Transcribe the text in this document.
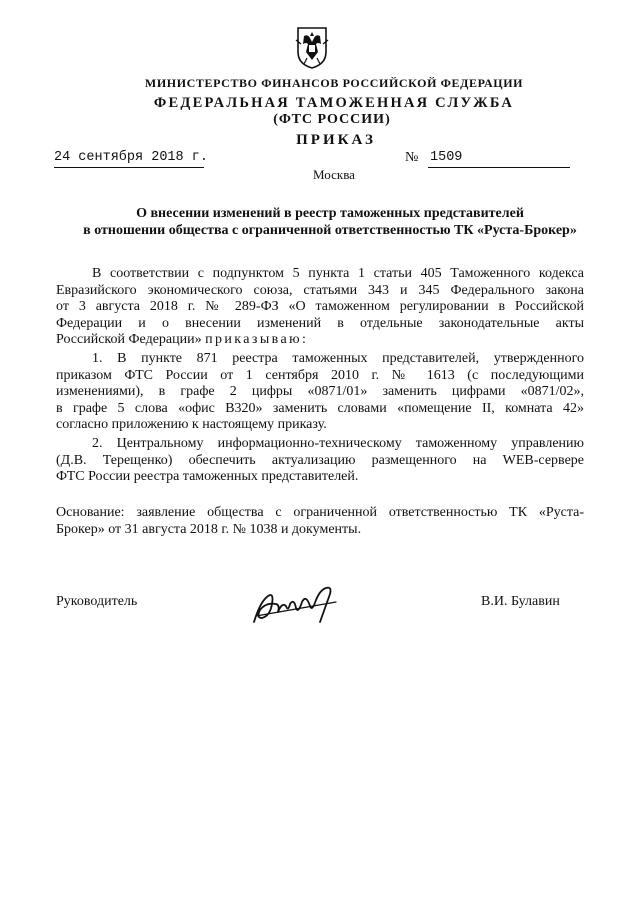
МИНИСТЕРСТВО ФИНАНСОВ РОССИЙСКОЙ ФЕДЕРАЦИИ
ФЕДЕРАЛЬНАЯ ТАМОЖЕННАЯ СЛУЖБА
(ФТС РОССИИ)
ПРИКАЗ
24 сентября 2018 г.	№ 1509
Москва
О внесении изменений в реестр таможенных представителей
в отношении общества с ограниченной ответственностью ТК «Руста-Брокер»
В соответствии с подпунктом 5 пункта 1 статьи 405 Таможенного кодекса
Евразийского экономического союза, статьями 343 и 345 Федерального закона
от 3 августа 2018 г. № 289-ФЗ «О таможенном регулировании в Российской
Федерации и о внесении изменений в отдельные законодательные акты
Российской Федерации» приказываю:
1. В пункте 871 реестра таможенных представителей, утвержденного
приказом ФТС России от 1 сентября 2010 г. № 1613 (с последующими
изменениями), в графе 2 цифры «0871/01» заменить цифрами «0871/02»,
в графе 5 слова «офис В320» заменить словами «помещение II, комната 42»
согласно приложению к настоящему приказу.
2. Центральному информационно-техническому таможенному управлению
(Д.В. Терещенко) обеспечить актуализацию размещенного на WEB-сервере
ФТС России реестра таможенных представителей.
Основание: заявление общества с ограниченной ответственностью ТК «Руста-
Брокер» от 31 августа 2018 г. № 1038 и документы.
Руководитель	В.И. Булавин
